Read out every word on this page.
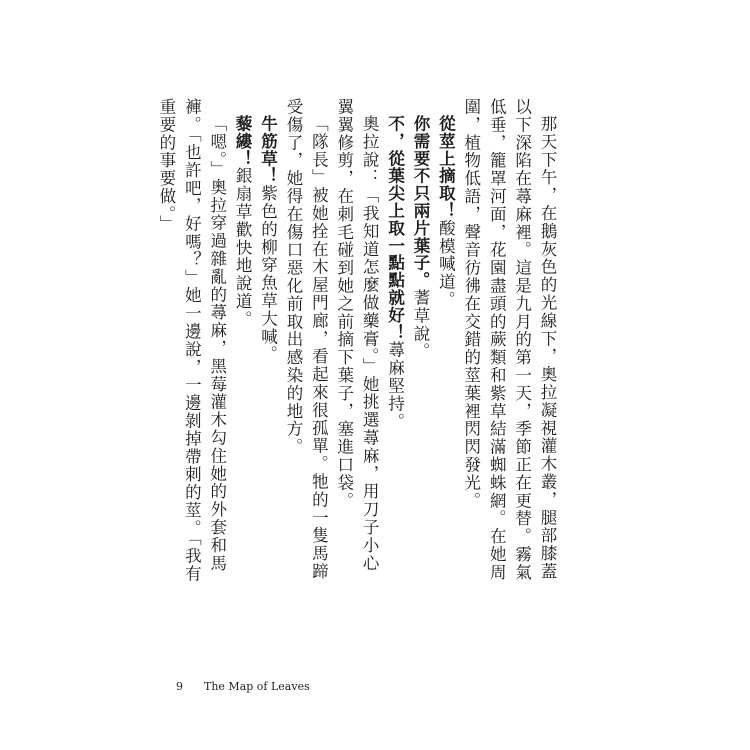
那天下午，在鵝灰色的光線下，奧拉凝視灌木叢，腿部膝蓋以下深陷在蕁麻裡。這是九月的第一天，季節正在更替。霧氣低垂，籠罩河面，花園盡頭的蕨類和紫草結滿蜘蛛網。在她周圍，植物低語，聲音彷彿在交錯的莖葉裡閃閃發光。

從莖上摘取！酸模喊道。

你需要不只兩片葉子。蓍草說。

不，從葉尖上取一點點就好！蕁麻堅持。

奧拉說：「我知道怎麼做藥膏。」她挑選蕁麻，用刀子小心翼翼修剪，在刺毛碰到她之前摘下葉子，塞進口袋。

「隊長」被她拴在木屋門廊，看起來很孤單。牠的一隻馬蹄受傷了，她得在傷口惡化前取出感染的地方。

牛筋草！紫色的柳穿魚草大喊。

藜縷！銀扇草歡快地說道。

「嗯。」奧拉穿過雜亂的蕁麻，黑莓灌木勾住她的外套和馬褲。「也許吧，好嗎？」她一邊說，一邊剝掉帶刺的莖。「我有重要的事要做。」

9 The Map of Leaves
